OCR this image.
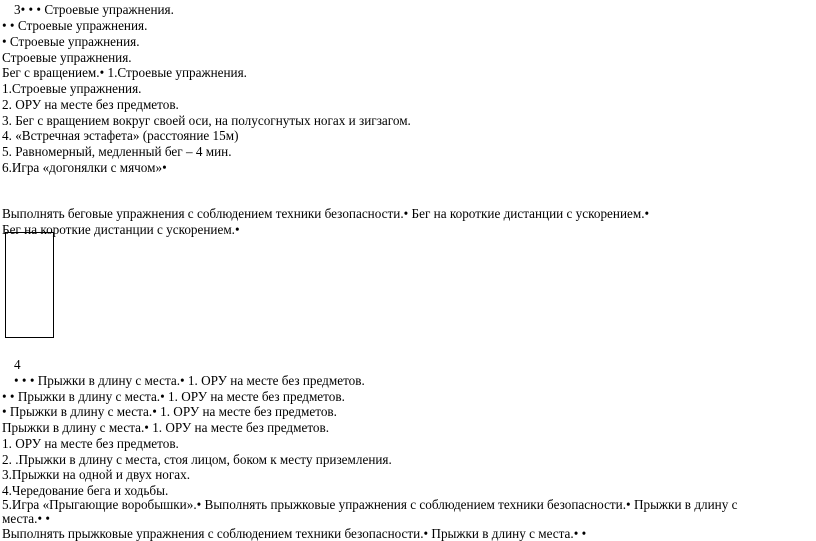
3• • • Строевые упражнения.
• • Строевые упражнения.
• Строевые упражнения.
Строевые упражнения.
Бег с вращением.• 1.Строевые упражнения.
1.Строевые упражнения.
2. ОРУ на месте без предметов.
3. Бег с вращением вокруг своей оси, на полусогнутых ногах и зигзагом.
4. «Встречная эстафета» (расстояние 15м)
5. Равномерный, медленный бег – 4 мин.
6.Игра «догонялки с мячом»•
Выполнять беговые упражнения с соблюдением техники безопасности.• Бег на короткие дистанции с ускорением.•
Бег на короткие дистанции с ускорением.•
4
• • • Прыжки в длину с места.• 1. ОРУ на месте без предметов.
• • Прыжки в длину с места.• 1. ОРУ на месте без предметов.
• Прыжки в длину с места.• 1. ОРУ на месте без предметов.
Прыжки в длину с места.• 1. ОРУ на месте без предметов.
1. ОРУ на месте без предметов.
2. .Прыжки в длину с места, стоя лицом, боком к месту приземления.
3.Прыжки на одной и двух ногах.
4.Чередование бега и ходьбы.
5.Игра «Прыгающие воробышки».• Выполнять прыжковые упражнения с соблюдением техники безопасности.• Прыжки в длину с
места.• •
Выполнять прыжковые упражнения с соблюдением техники безопасности.• Прыжки в длину с места.• •
